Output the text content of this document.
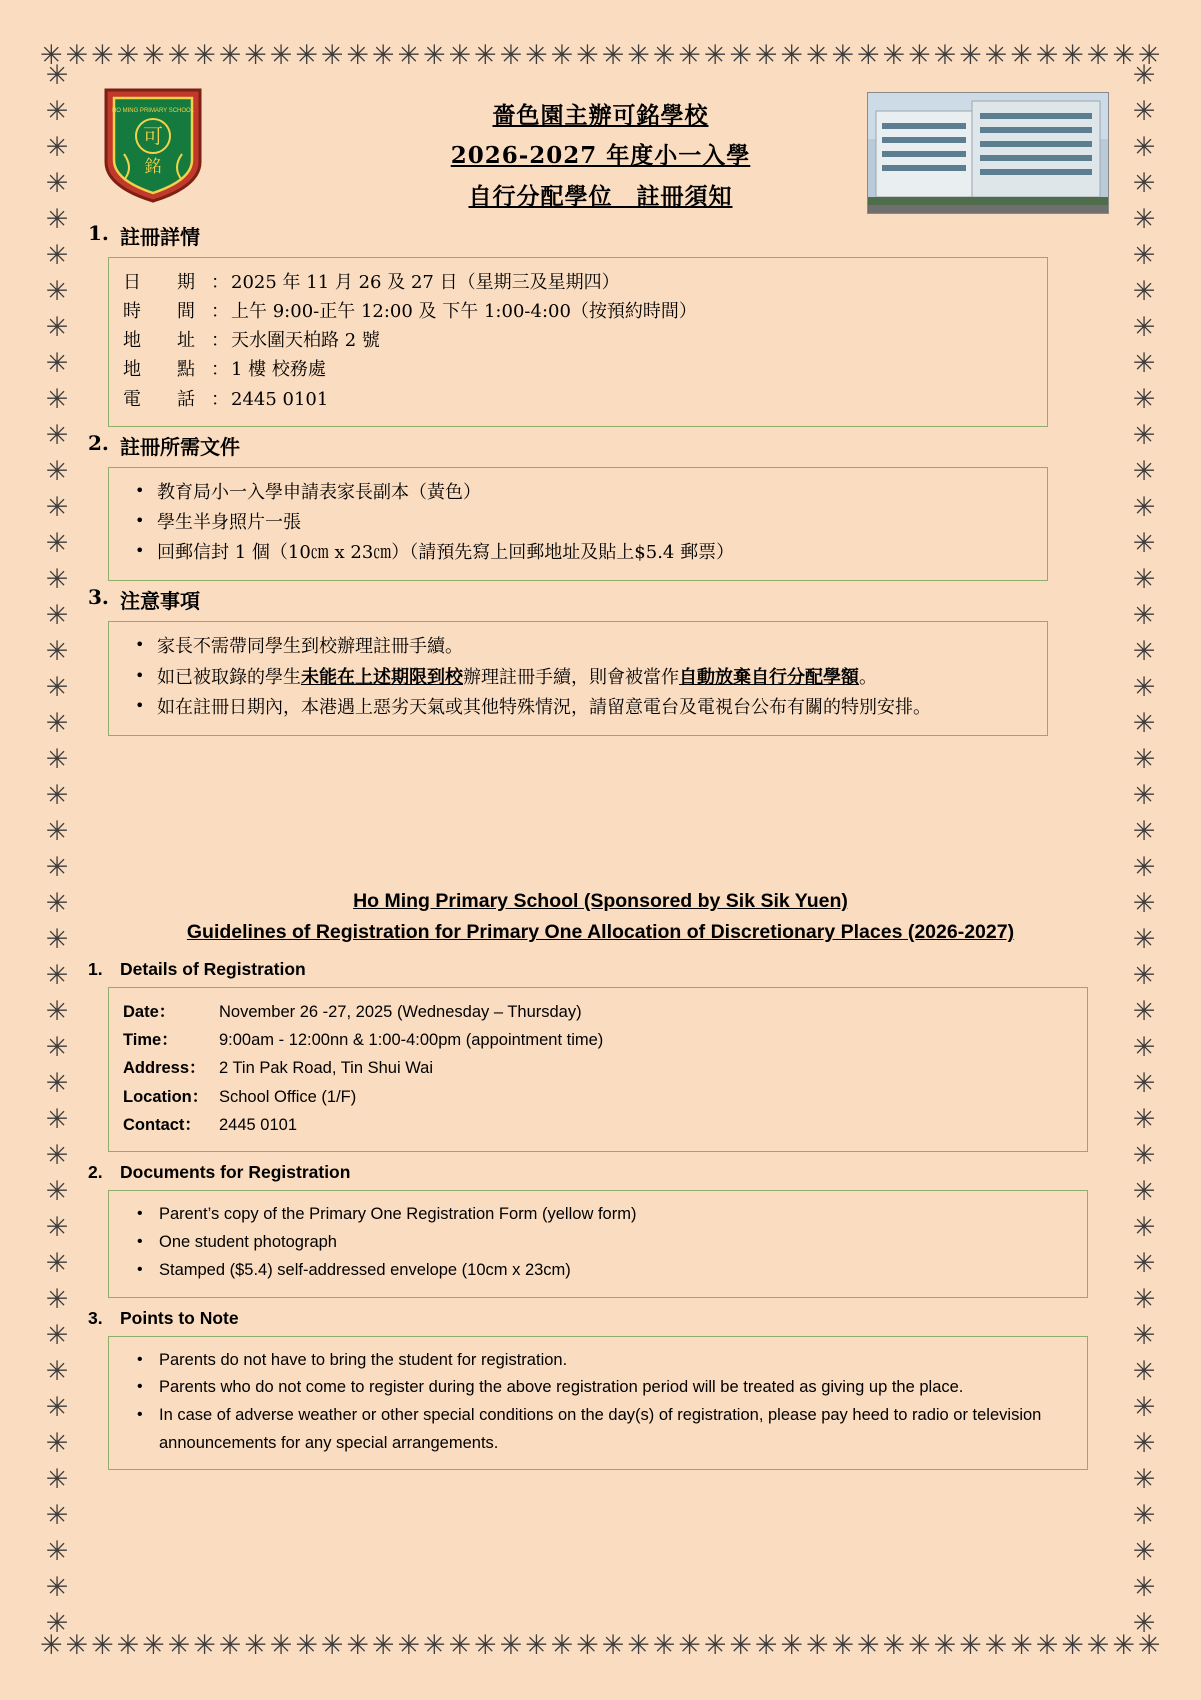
✳ ✳ ✳ ✳ ✳ ✳ ✳ ✳ ✳ ✳ ✳ ✳ ✳ ✳ ✳ ✳ ✳ ✳ ✳ ✳ ✳ ✳ ✳ ✳ ✳ ✳ ✳ ✳ ✳ ✳ ✳ ✳ ✳ ✳ ✳ ✳ ✳ ✳ ✳ ✳ ✳ ✳ ✳ ✳
✳ ✳ ✳ ✳ ✳ ✳ ✳ ✳ ✳ ✳ ✳ ✳ ✳ ✳ ✳ ✳ ✳ ✳ ✳ ✳ ✳ ✳ ✳ ✳ ✳ ✳ ✳ ✳ ✳ ✳ ✳ ✳ ✳ ✳ ✳ ✳ ✳ ✳ ✳ ✳ ✳ ✳ ✳ ✳
✳
✳
✳
✳
✳
✳
✳
✳
✳
✳
✳
✳
✳
✳
✳
✳
✳
✳
✳
✳
✳
✳
✳
✳
✳
✳
✳
✳
✳
✳
✳
✳
✳
✳
✳
✳
✳
✳
✳
✳
✳
✳
✳
✳
✳
✳
✳
✳
✳
✳
✳
✳
✳
✳
✳
✳
✳
✳
✳
✳
✳
✳
✳
✳
✳
✳
✳
✳
✳
✳
✳
✳
✳
✳
✳
✳
✳
✳
✳
✳
✳
✳
✳
✳
✳
✳
✳
✳
HO MING PRIMARY SCHOOL
可
銘
嗇色園主辦可銘學校
2026-2027 年度小一入學
自行分配學位　註冊須知
1. 註冊詳情
日　　期 ： 2025 年 11 月 26 及 27 日（星期三及星期四）
時　　間 ： 上午 9:00-正午 12:00 及 下午 1:00-4:00（按預約時間）
地　　址 ： 天水圍天柏路 2 號
地　　點 ： 1 樓 校務處
電　　話 ： 2445 0101
2. 註冊所需文件
• 教育局小一入學申請表家長副本（黃色）
• 學生半身照片一張
• 回郵信封 1 個（10㎝ x 23㎝）（請預先寫上回郵地址及貼上$5.4 郵票）
3. 注意事項
• 家長不需帶同學生到校辦理註冊手續。
• 如已被取錄的學生未能在上述期限到校辦理註冊手續，則會被當作自動放棄自行分配學額。
• 如在註冊日期內，本港遇上惡劣天氣或其他特殊情況，請留意電台及電視台公布有關的特別安排。
Ho Ming Primary School (Sponsored by Sik Sik Yuen)
Guidelines of Registration for Primary One Allocation of Discretionary Places (2026-2027)
1. Details of Registration
Date：	November 26 -27, 2025 (Wednesday – Thursday)
Time：	9:00am - 12:00nn & 1:00-4:00pm (appointment time)
Address： 2 Tin Pak Road, Tin Shui Wai
Location： School Office (1/F)
Contact：	2445 0101
2. Documents for Registration
• Parent’s copy of the Primary One Registration Form (yellow form)
• One student photograph
• Stamped ($5.4) self-addressed envelope (10cm x 23cm)
3. Points to Note
• Parents do not have to bring the student for registration.
• Parents who do not come to register during the above registration period will be treated as giving up the place.
• In case of adverse weather or other special conditions on the day(s) of registration, please pay heed to radio or television announcements for any special arrangements.
